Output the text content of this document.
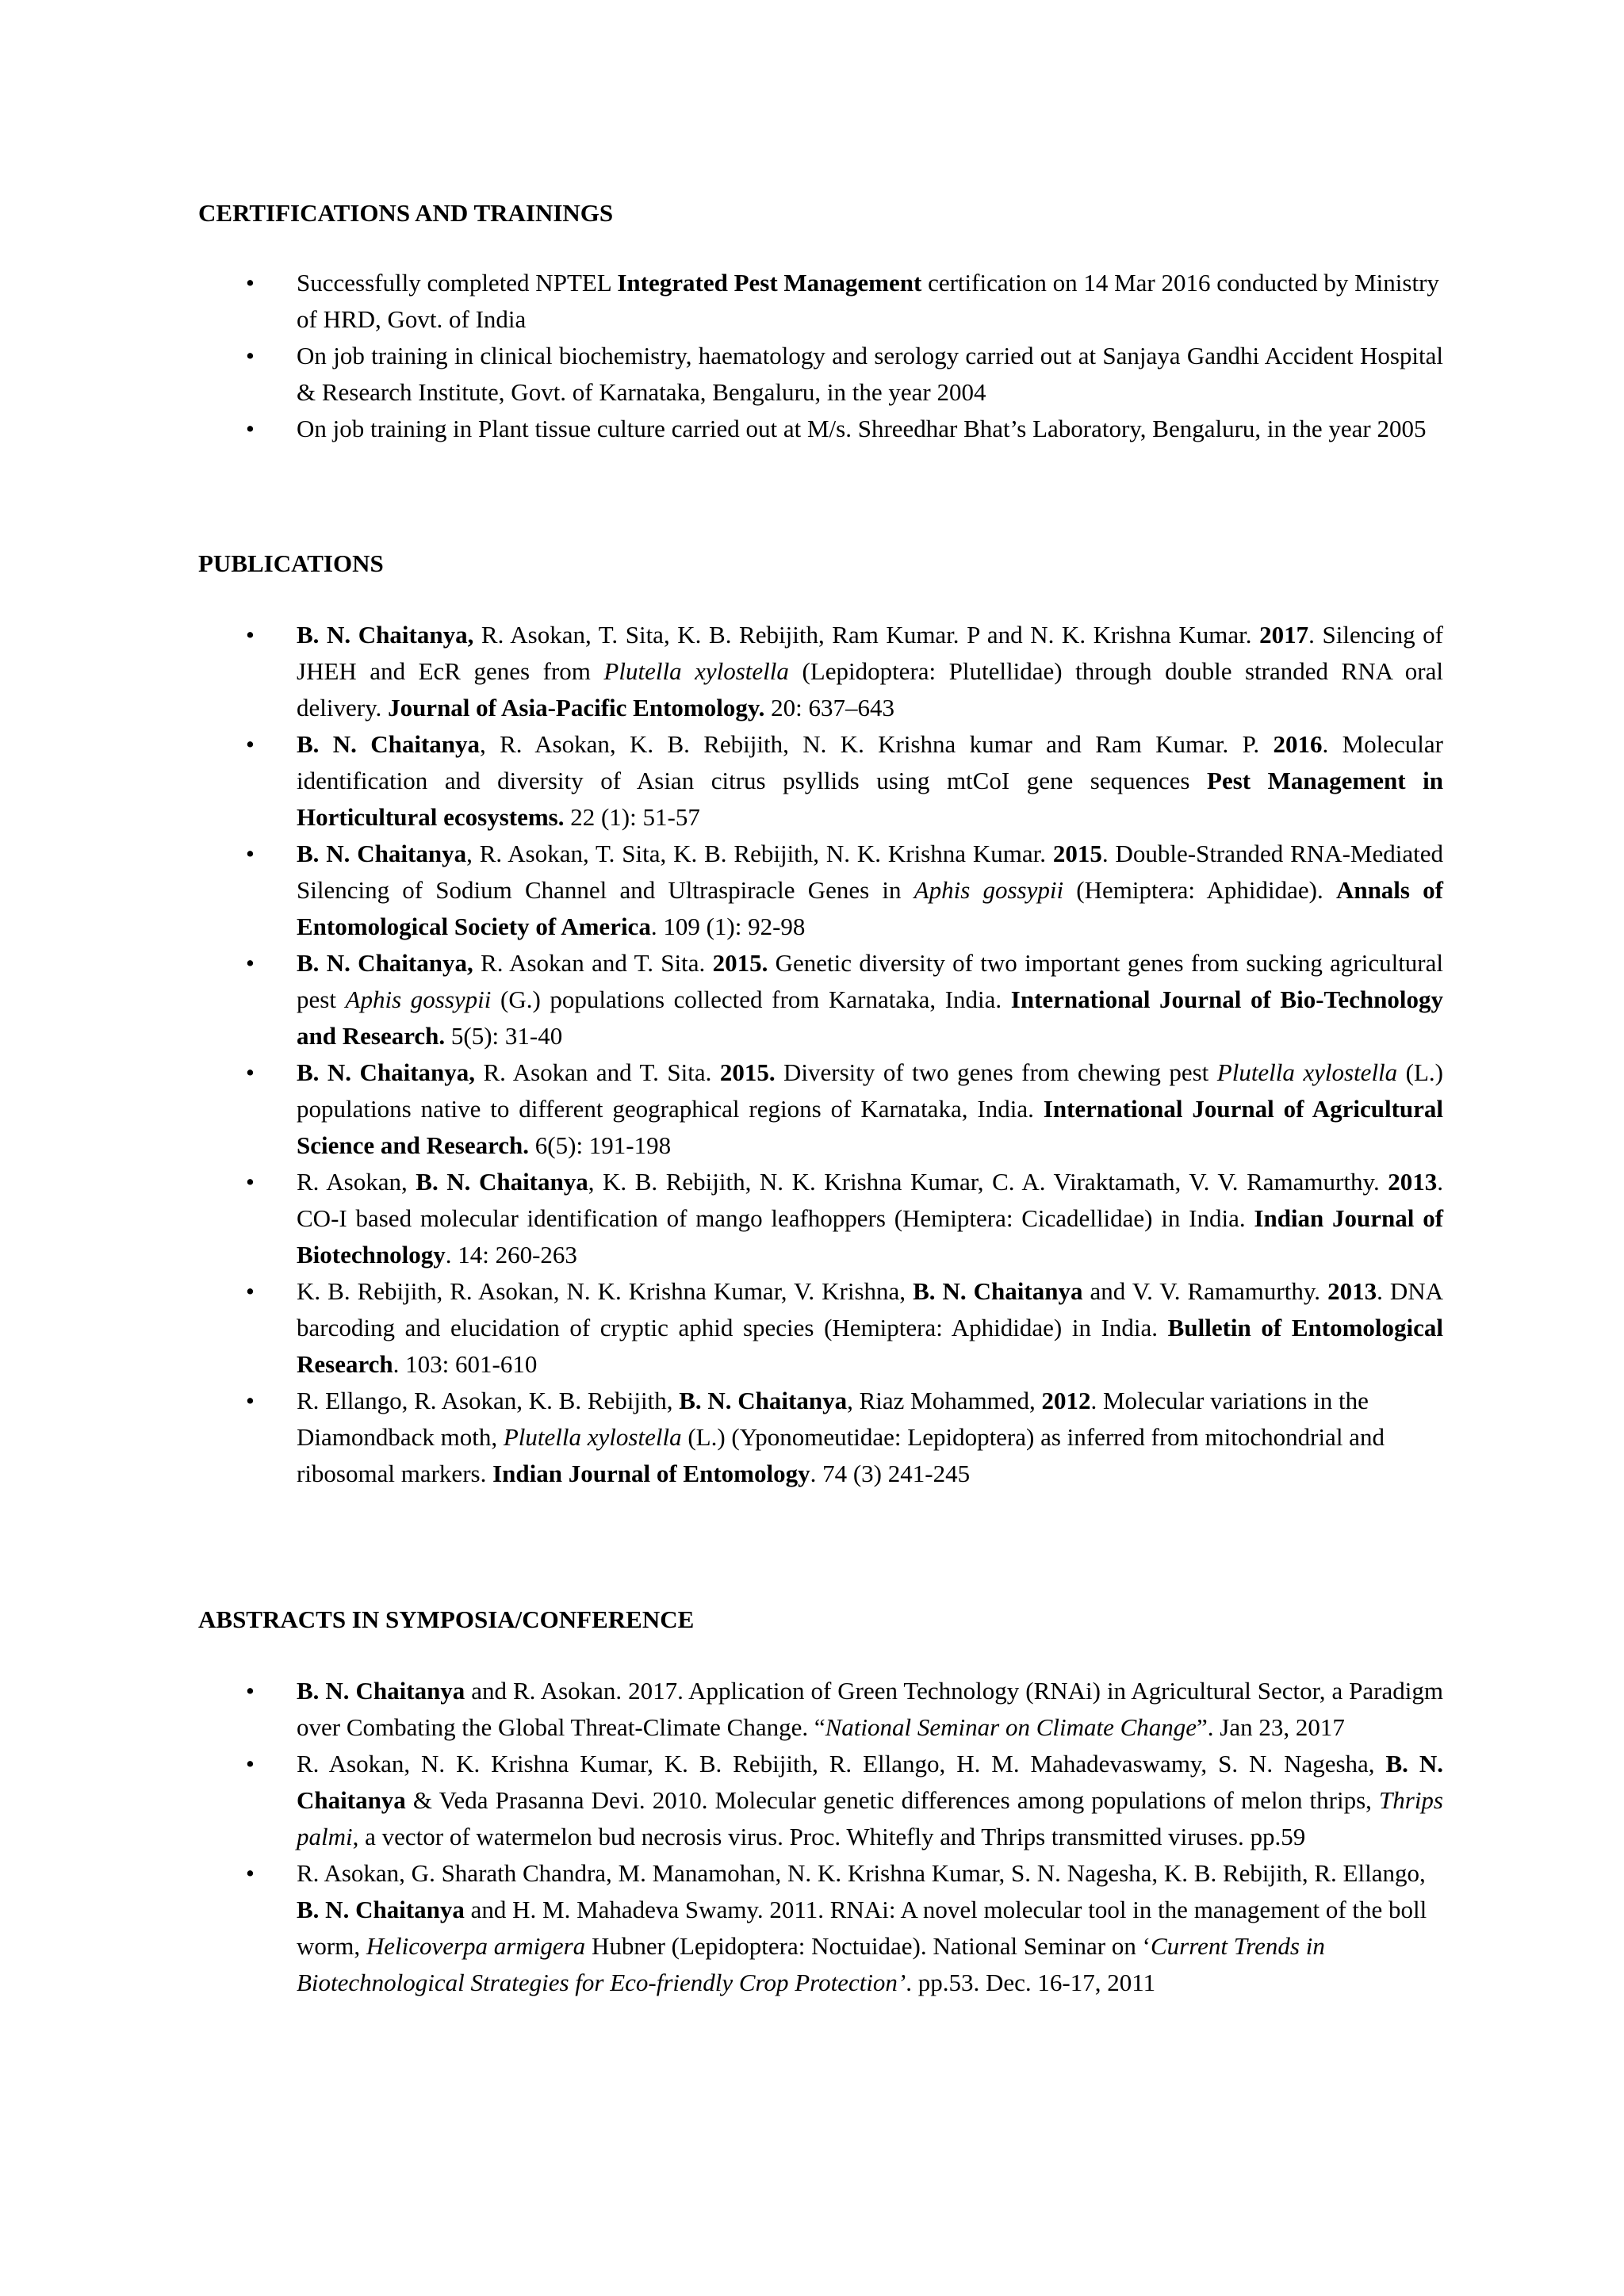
CERTIFICATIONS AND TRAININGS

• Successfully completed NPTEL Integrated Pest Management certification on 14 Mar 2016 conducted by Ministry of HRD, Govt. of India
• On job training in clinical biochemistry, haematology and serology carried out at Sanjaya Gandhi Accident Hospital & Research Institute, Govt. of Karnataka, Bengaluru, in the year 2004
• On job training in Plant tissue culture carried out at M/s. Shreedhar Bhat’s Laboratory, Bengaluru, in the year 2005

PUBLICATIONS

• B. N. Chaitanya, R. Asokan, T. Sita, K. B. Rebijith, Ram Kumar. P and N. K. Krishna Kumar. 2017. Silencing of JHEH and EcR genes from Plutella xylostella (Lepidoptera: Plutellidae) through double stranded RNA oral delivery. Journal of Asia-Pacific Entomology. 20: 637–643
• B. N. Chaitanya, R. Asokan, K. B. Rebijith, N. K. Krishna kumar and Ram Kumar. P. 2016. Molecular identification and diversity of Asian citrus psyllids using mtCoI gene sequences Pest Management in Horticultural ecosystems. 22 (1): 51-57
• B. N. Chaitanya, R. Asokan, T. Sita, K. B. Rebijith, N. K. Krishna Kumar. 2015. Double-Stranded RNA-Mediated Silencing of Sodium Channel and Ultraspiracle Genes in Aphis gossypii (Hemiptera: Aphididae). Annals of Entomological Society of America. 109 (1): 92-98
• B. N. Chaitanya, R. Asokan and T. Sita. 2015. Genetic diversity of two important genes from sucking agricultural pest Aphis gossypii (G.) populations collected from Karnataka, India. International Journal of Bio-Technology and Research. 5(5): 31-40
• B. N. Chaitanya, R. Asokan and T. Sita. 2015. Diversity of two genes from chewing pest Plutella xylostella (L.) populations native to different geographical regions of Karnataka, India. International Journal of Agricultural Science and Research. 6(5): 191-198
• R. Asokan, B. N. Chaitanya, K. B. Rebijith, N. K. Krishna Kumar, C. A. Viraktamath, V. V. Ramamurthy. 2013. CO-I based molecular identification of mango leafhoppers (Hemiptera: Cicadellidae) in India. Indian Journal of Biotechnology. 14: 260-263
• K. B. Rebijith, R. Asokan, N. K. Krishna Kumar, V. Krishna, B. N. Chaitanya and V. V. Ramamurthy. 2013. DNA barcoding and elucidation of cryptic aphid species (Hemiptera: Aphididae) in India. Bulletin of Entomological Research. 103: 601-610
• R. Ellango, R. Asokan, K. B. Rebijith, B. N. Chaitanya, Riaz Mohammed, 2012. Molecular variations in the Diamondback moth, Plutella xylostella (L.) (Yponomeutidae: Lepidoptera) as inferred from mitochondrial and ribosomal markers. Indian Journal of Entomology. 74 (3) 241-245

ABSTRACTS IN SYMPOSIA/CONFERENCE

• B. N. Chaitanya and R. Asokan. 2017. Application of Green Technology (RNAi) in Agricultural Sector, a Paradigm over Combating the Global Threat-Climate Change. “National Seminar on Climate Change”. Jan 23, 2017
• R. Asokan, N. K. Krishna Kumar, K. B. Rebijith, R. Ellango, H. M. Mahadevaswamy, S. N. Nagesha, B. N. Chaitanya & Veda Prasanna Devi. 2010. Molecular genetic differences among populations of melon thrips, Thrips palmi, a vector of watermelon bud necrosis virus. Proc. Whitefly and Thrips transmitted viruses. pp.59
• R. Asokan, G. Sharath Chandra, M. Manamohan, N. K. Krishna Kumar, S. N. Nagesha, K. B. Rebijith, R. Ellango, B. N. Chaitanya and H. M. Mahadeva Swamy. 2011. RNAi: A novel molecular tool in the management of the boll worm, Helicoverpa armigera Hubner (Lepidoptera: Noctuidae). National Seminar on ‘Current Trends in Biotechnological Strategies for Eco-friendly Crop Protection’. pp.53. Dec. 16-17, 2011
